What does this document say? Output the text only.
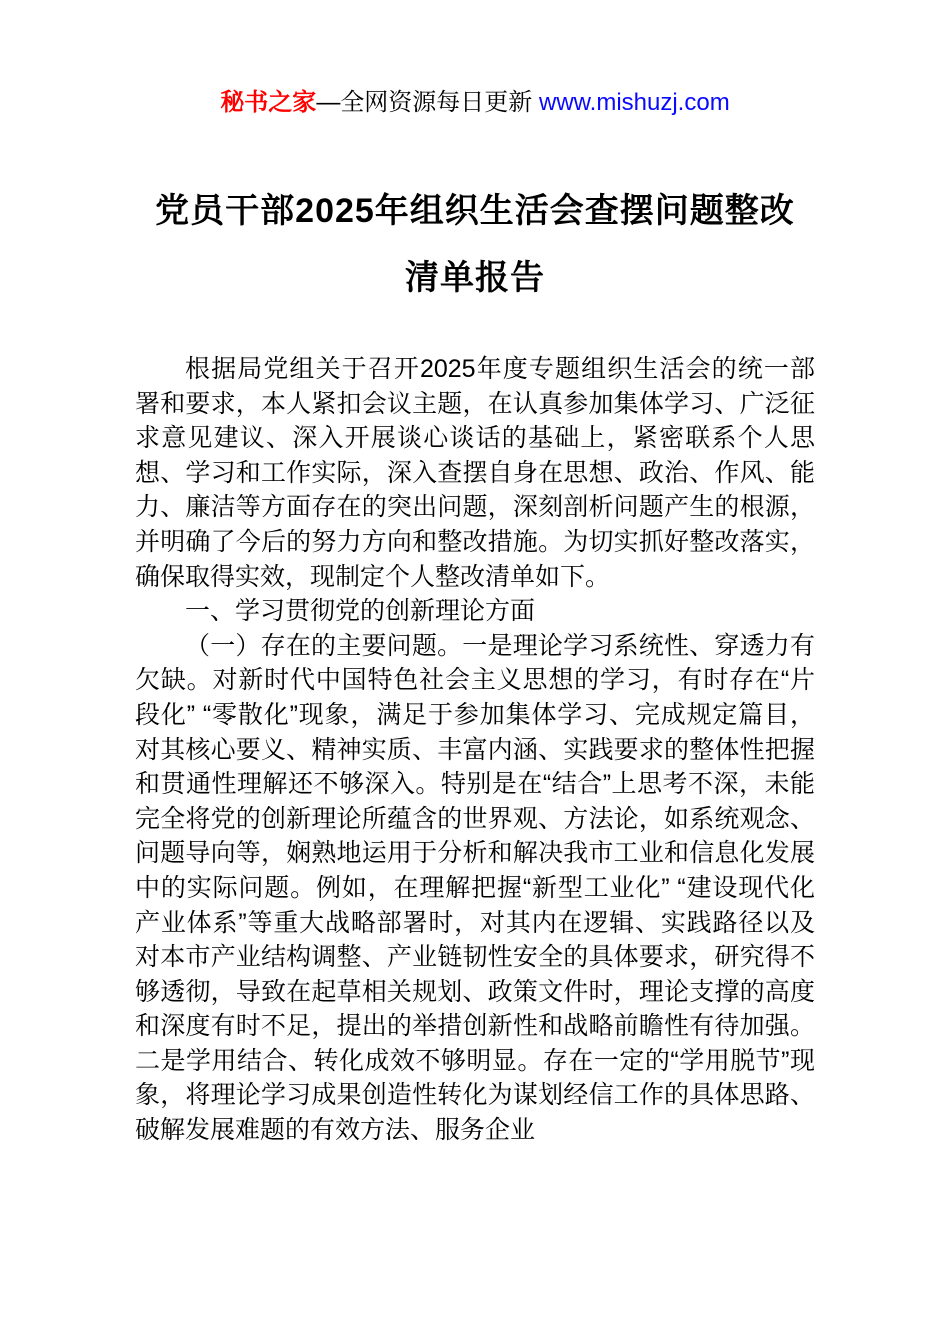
秘书之家—全网资源每日更新 www.mishuzj.com
党员干部2025年组织生活会查摆问题整改
清单报告

根据局党组关于召开2025年度专题组织生活会的统一部署和要求，本人紧扣会议主题，在认真参加集体学习、广泛征求意见建议、深入开展谈心谈话的基础上，紧密联系个人思想、学习和工作实际，深入查摆自身在思想、政治、作风、能力、廉洁等方面存在的突出问题，深刻剖析问题产生的根源，并明确了今后的努力方向和整改措施。为切实抓好整改落实，确保取得实效，现制定个人整改清单如下。

一、学习贯彻党的创新理论方面

（一）存在的主要问题。一是理论学习系统性、穿透力有欠缺。对新时代中国特色社会主义思想的学习，有时存在“片段化” “零散化”现象，满足于参加集体学习、完成规定篇目，对其核心要义、精神实质、丰富内涵、实践要求的整体性把握和贯通性理解还不够深入。特别是在“结合”上思考不深，未能完全将党的创新理论所蕴含的世界观、方法论，如系统观念、问题导向等，娴熟地运用于分析和解决我市工业和信息化发展中的实际问题。例如，在理解把握“新型工业化” “建设现代化产业体系”等重大战略部署时，对其内在逻辑、实践路径以及对本市产业结构调整、产业链韧性安全的具体要求，研究得不够透彻，导致在起草相关规划、政策文件时，理论支撑的高度和深度有时不足，提出的举措创新性和战略前瞻性有待加强。二是学用结合、转化成效不够明显。存在一定的“学用脱节”现象，将理论学习成果创造性转化为谋划经信工作的具体思路、破解发展难题的有效方法、服务企业
